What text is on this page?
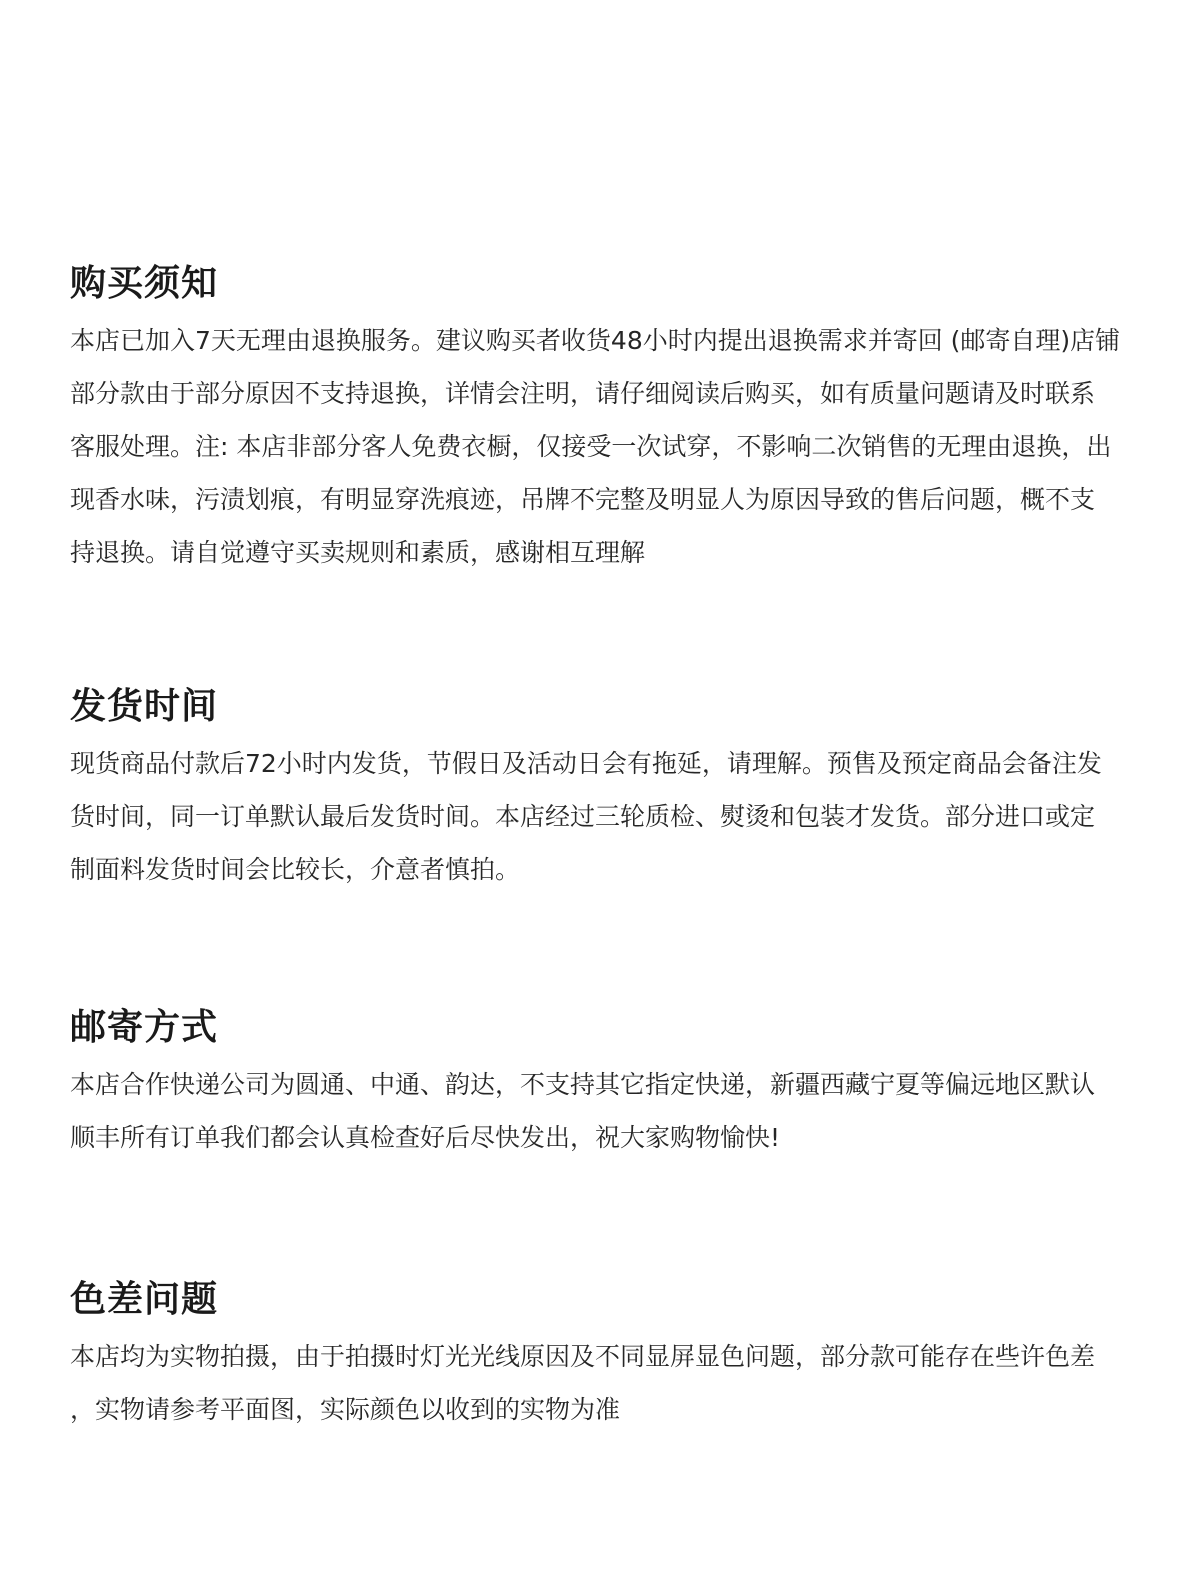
购买须知
本店已加入7天无理由退换服务。建议购买者收货48小时内提出退换需求并寄回 (邮寄自理)店铺
部分款由于部分原因不支持退换，详情会注明，请仔细阅读后购买，如有质量问题请及时联系
客服处理。注: 本店非部分客人免费衣橱，仅接受一次试穿，不影响二次销售的无理由退换，出
现香水味，污渍划痕，有明显穿洗痕迹，吊牌不完整及明显人为原因导致的售后问题，概不支
持退换。请自觉遵守买卖规则和素质，感谢相互理解
发货时间
现货商品付款后72小时内发货，节假日及活动日会有拖延，请理解。预售及预定商品会备注发
货时间，同一订单默认最后发货时间。本店经过三轮质检、熨烫和包装才发货。部分进口或定
制面料发货时间会比较长，介意者慎拍。
邮寄方式
本店合作快递公司为圆通、中通、韵达，不支持其它指定快递，新疆西藏宁夏等偏远地区默认
顺丰所有订单我们都会认真检查好后尽快发出，祝大家购物愉快!
色差问题
本店均为实物拍摄，由于拍摄时灯光光线原因及不同显屏显色问题，部分款可能存在些许色差
，实物请参考平面图，实际颜色以收到的实物为准
